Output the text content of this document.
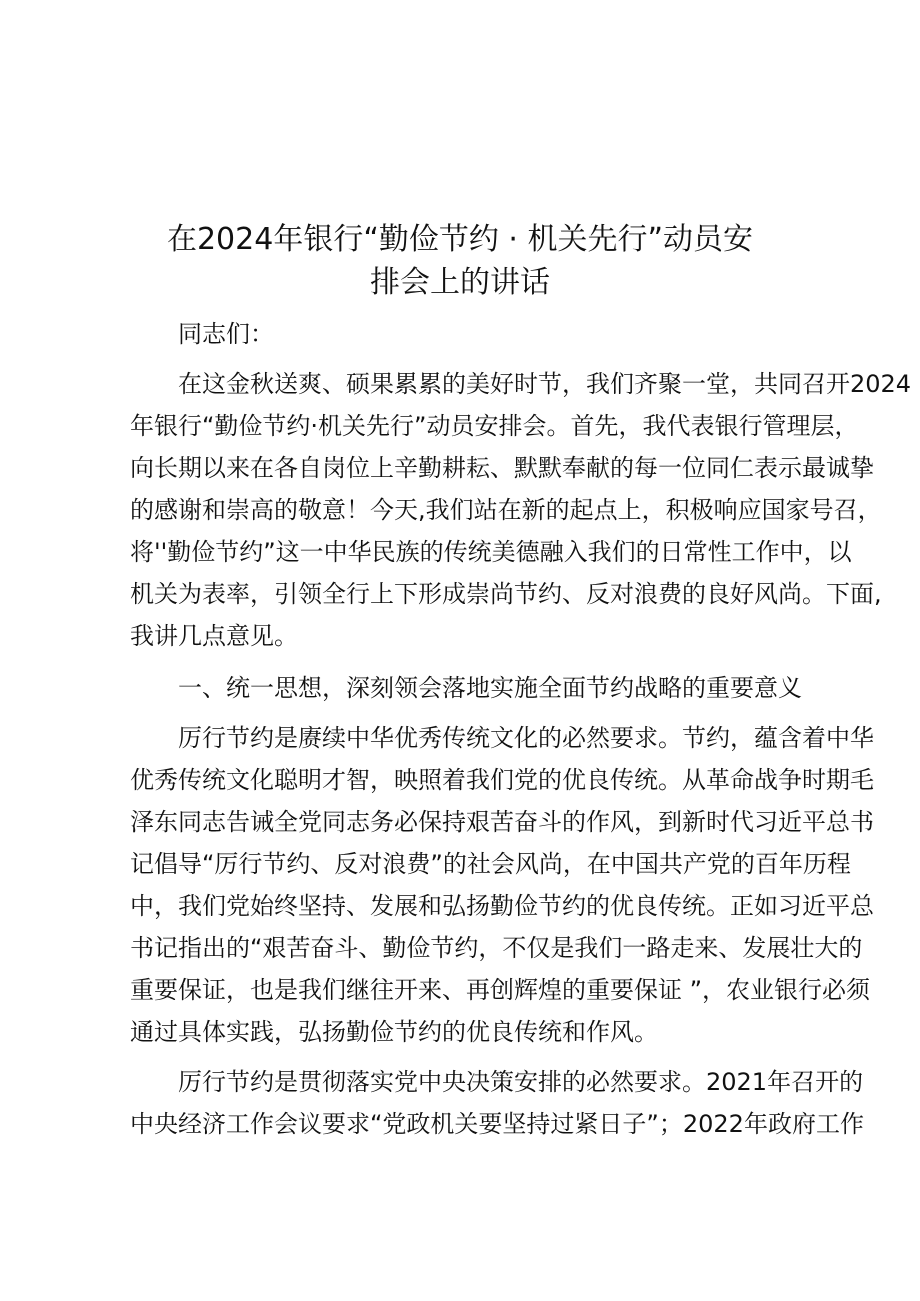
在2024年银行“勤俭节约 · 机关先行”动员安
排会上的讲话
同志们：
在这金秋送爽、硕果累累的美好时节，我们齐聚一堂，共同召开2024
年银行“勤俭节约·机关先行”动员安排会。首先，我代表银行管理层，
向长期以来在各自岗位上辛勤耕耘、默默奉献的每一位同仁表示最诚挚
的感谢和崇高的敬意！今天,我们站在新的起点上，积极响应国家号召，
将''勤俭节约”这一中华民族的传统美德融入我们的日常性工作中，以
机关为表率，引领全行上下形成崇尚节约、反对浪费的良好风尚。下面,
我讲几点意见。
一、统一思想，深刻领会落地实施全面节约战略的重要意义
厉行节约是赓续中华优秀传统文化的必然要求。节约，蕴含着中华
优秀传统文化聪明才智，映照着我们党的优良传统。从革命战争时期毛
泽东同志告诫全党同志务必保持艰苦奋斗的作风，到新时代习近平总书
记倡导“厉行节约、反对浪费”的社会风尚，在中国共产党的百年历程
中，我们党始终坚持、发展和弘扬勤俭节约的优良传统。正如习近平总
书记指出的“艰苦奋斗、勤俭节约，不仅是我们一路走来、发展壮大的
重要保证，也是我们继往开来、再创辉煌的重要保证 ”，农业银行必须
通过具体实践，弘扬勤俭节约的优良传统和作风。
厉行节约是贯彻落实党中央决策安排的必然要求。2021年召开的
中央经济工作会议要求“党政机关要坚持过紧日子”；2022年政府工作
